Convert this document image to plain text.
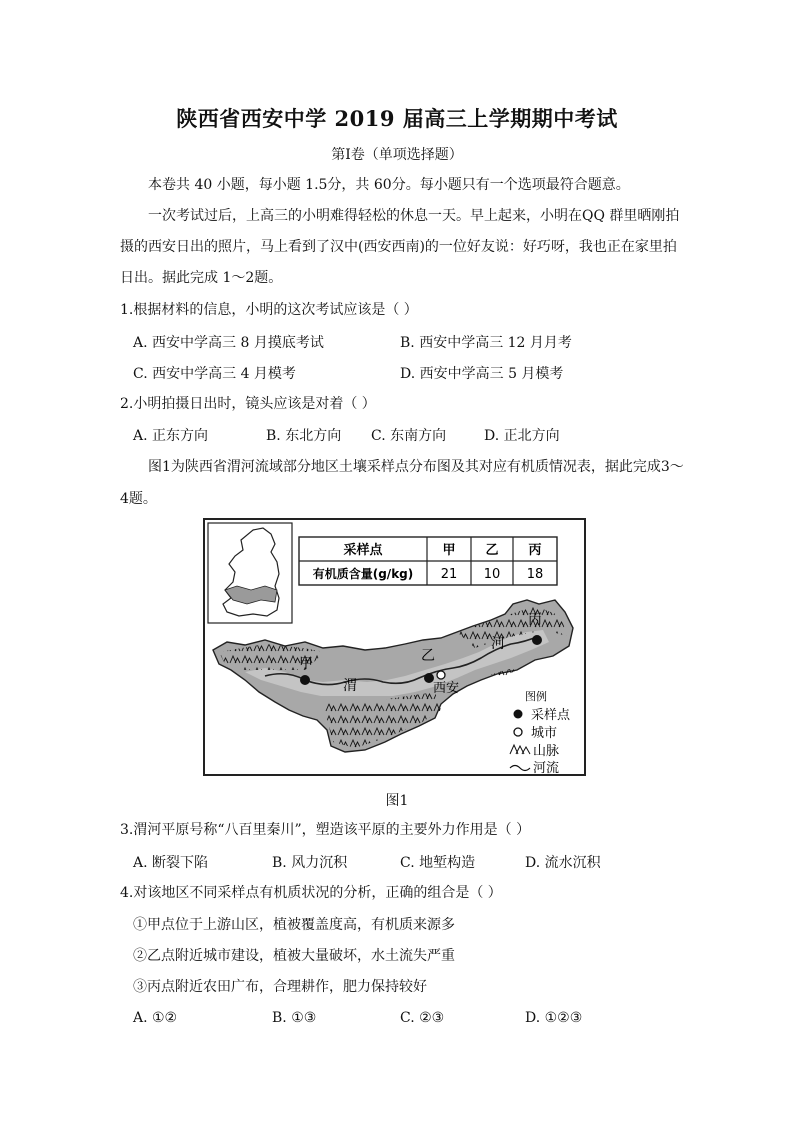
陕西省西安中学 2019 届高三上学期期中考试
第Ⅰ卷（单项选择题）
本卷共 40 小题，每小题 1.5分，共 60分。每小题只有一个选项最符合题意。
一次考试过后，上高三的小明难得轻松的休息一天。早上起来，小明在QQ 群里晒刚拍
摄的西安日出的照片，马上看到了汉中(西安西南)的一位好友说：好巧呀，我也正在家里拍
日出。据此完成 1～2题。
1.根据材料的信息，小明的这次考试应该是（ ）
A. 西安中学高三 8 月摸底考试	B. 西安中学高三 12 月月考
C. 西安中学高三 4 月模考	D. 西安中学高三 5 月模考
2.小明拍摄日出时，镜头应该是对着（ ）
A. 正东方向	B. 东北方向 C. 东南方向	D. 正北方向
图1为陕西省渭河流域部分地区土壤采样点分布图及其对应有机质情况表，据此完成3～
4题。
采样点	甲 乙 丙
有机质含量(g/kg) 21 10 18
甲
渭
乙
西安
河
丙
图例
采样点
城市
山脉
河流
图1
3.渭河平原号称“八百里秦川”，塑造该平原的主要外力作用是（ ）
A. 断裂下陷	B. 风力沉积	C. 地堑构造	D. 流水沉积
4.对该地区不同采样点有机质状况的分析，正确的组合是（ ）
①甲点位于上游山区，植被覆盖度高，有机质来源多
②乙点附近城市建设，植被大量破坏，水土流失严重
③丙点附近农田广布，合理耕作，肥力保持较好
A. ①②	B. ①③	C. ②③	D. ①②③
